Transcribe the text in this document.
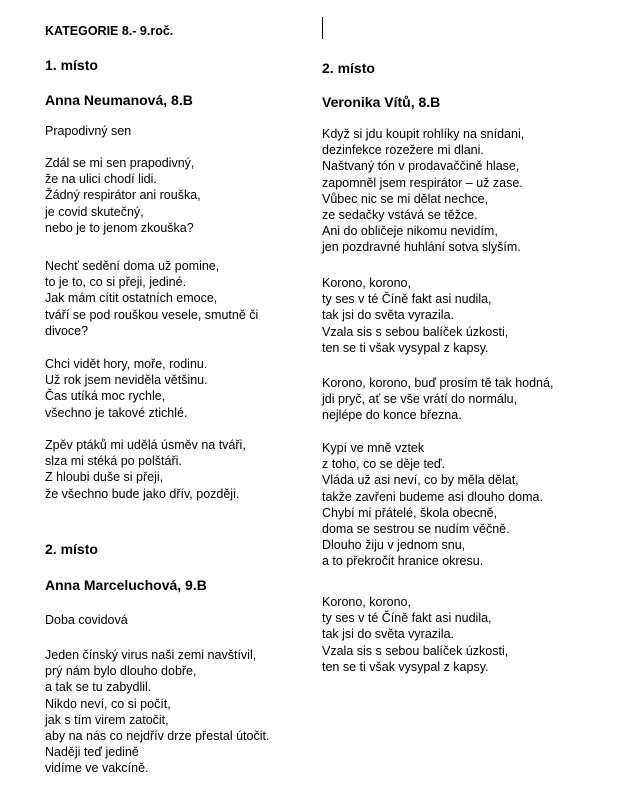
KATEGORIE 8.- 9.roč.
1. místo
Anna Neumanová, 8.B
Prapodivný sen
Zdál se mi sen prapodivný,
že na ulici chodí lidi.
Žádný respirátor ani rouška,
je covid skutečný,
nebo je to jenom zkouška?
Nechť sedění doma už pomine,
to je to, co si přeji, jediné.
Jak mám cítit ostatních emoce,
tváří se pod rouškou vesele, smutně či
divoce?
Chci vidět hory, moře, rodinu.
Už rok jsem neviděla většinu.
Čas utíká moc rychle,
všechno je takové ztichlé.
Zpěv ptáků mi udělá úsměv na tváři,
slza mi stéká po polštáři.
Z hloubi duše si přeji,
že všechno bude jako dřív, později.
2. místo
Anna Marceluchová, 9.B
Doba covidová
Jeden čínský virus naši zemi navštívil,
prý nám bylo dlouho dobře,
a tak se tu zabydlil.
Nikdo neví, co si počít,
jak s tím virem zatočit,
aby na nás co nejdřív drze přestal útočit.
Naději teď jedině
vidíme ve vakcíně.
2. místo
Veronika Vítů, 8.B
Když si jdu koupit rohlíky na snídani,
dezinfekce rozežere mi dlani.
Naštvaný tón v prodavaččině hlase,
zapomněl jsem respirátor – už zase.
Vůbec nic se mi dělat nechce,
ze sedačky vstává se těžce.
Ani do obličeje nikomu nevidím,
jen pozdravné huhlání sotva slyším.
Korono, korono,
ty ses v té Číně fakt asi nudila,
tak jsi do světa vyrazila.
Vzala sis s sebou balíček úzkosti,
ten se ti však vysypal z kapsy.
Korono, korono, buď prosím tě tak hodná,
jdi pryč, ať se vše vrátí do normálu,
nejlépe do konce března.
Kypí ve mně vztek
z toho, co se děje teď.
Vláda už asi neví, co by měla dělat,
takže zavřeni budeme asi dlouho doma.
Chybí mi přátelé, škola obecně,
doma se sestrou se nudím věčně.
Dlouho žiju v jednom snu,
a to překročit hranice okresu.
Korono, korono,
ty ses v té Číně fakt asi nudila,
tak jsi do světa vyrazila.
Vzala sis s sebou balíček úzkosti,
ten se ti však vysypal z kapsy.
